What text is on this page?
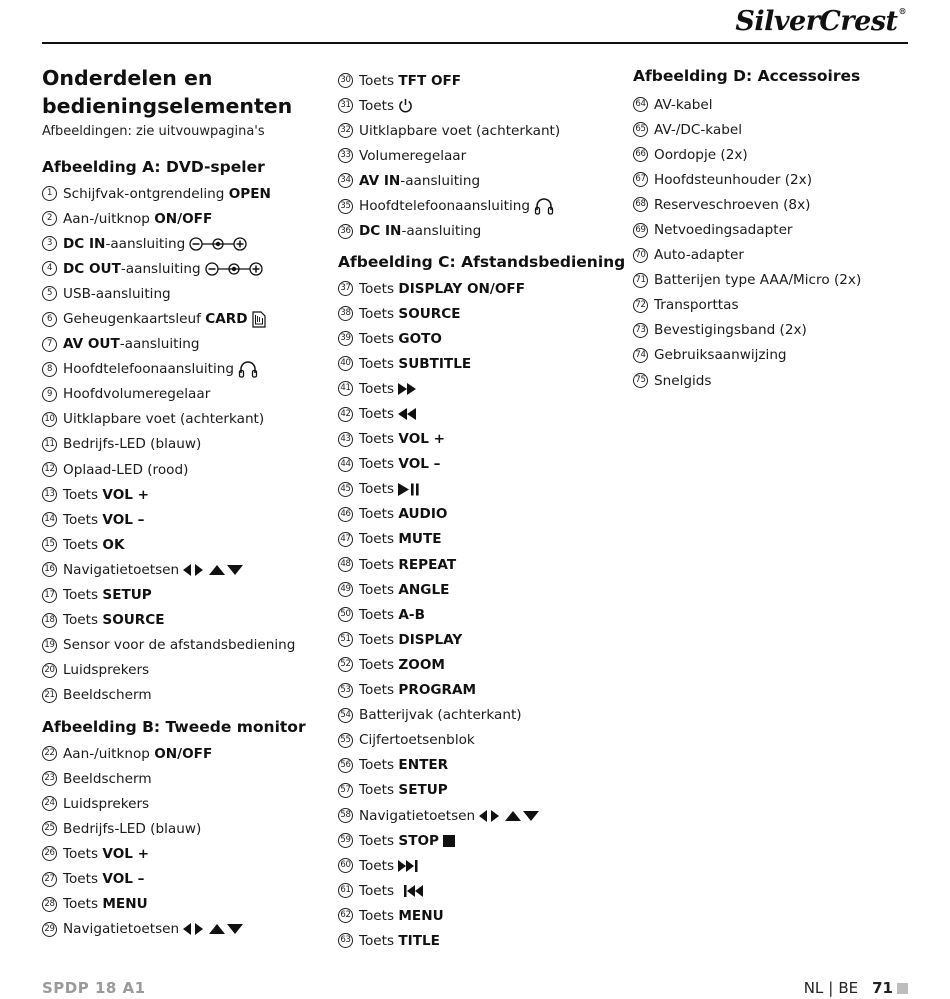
SilverCrest®
Onderdelen en
bedieningselementen
Afbeeldingen: zie uitvouwpagina's
Afbeelding A: DVD-speler
1 Schijfvak-ontgrendeling OPEN
2 Aan-/uitknop ON/OFF
3 DC IN-aansluiting
4 DC OUT-aansluiting
5 USB-aansluiting
6 Geheugenkaartsleuf CARD
7 AV OUT-aansluiting
8 Hoofdtelefoonaansluiting
9 Hoofdvolumeregelaar
10 Uitklapbare voet (achterkant)
11 Bedrijfs-LED (blauw)
12 Oplaad-LED (rood)
13 Toets VOL +
14 Toets VOL –
15 Toets OK
16 Navigatietoetsen
17 Toets SETUP
18 Toets SOURCE
19 Sensor voor de afstandsbediening
20 Luidsprekers
21 Beeldscherm
Afbeelding B: Tweede monitor
22 Aan-/uitknop ON/OFF
23 Beeldscherm
24 Luidsprekers
25 Bedrijfs-LED (blauw)
26 Toets VOL +
27 Toets VOL –
28 Toets MENU
29 Navigatietoetsen
30 Toets TFT OFF
31 Toets
32 Uitklapbare voet (achterkant)
33 Volumeregelaar
34 AV IN-aansluiting
35 Hoofdtelefoonaansluiting
36 DC IN-aansluiting
Afbeelding C: Afstandsbediening
37 Toets DISPLAY ON/OFF
38 Toets SOURCE
39 Toets GOTO
40 Toets SUBTITLE
41 Toets
42 Toets
43 Toets VOL +
44 Toets VOL –
45 Toets
46 Toets AUDIO
47 Toets MUTE
48 Toets REPEAT
49 Toets ANGLE
50 Toets A-B
51 Toets DISPLAY
52 Toets ZOOM
53 Toets PROGRAM
54 Batterijvak (achterkant)
55 Cijfertoetsenblok
56 Toets ENTER
57 Toets SETUP
58 Navigatietoetsen
59 Toets STOP
60 Toets
61 Toets
62 Toets MENU
63 Toets TITLE
Afbeelding D: Accessoires
64 AV-kabel
65 AV-/DC-kabel
66 Oordopje (2x)
67 Hoofdsteunhouder (2x)
68 Reserveschroeven (8x)
69 Netvoedingsadapter
70 Auto-adapter
71 Batterijen type AAA/Micro (2x)
72 Transporttas
73 Bevestigingsband (2x)
74 Gebruiksaanwijzing
75 Snelgids
SPDP 18 A1	NL | BE 71
